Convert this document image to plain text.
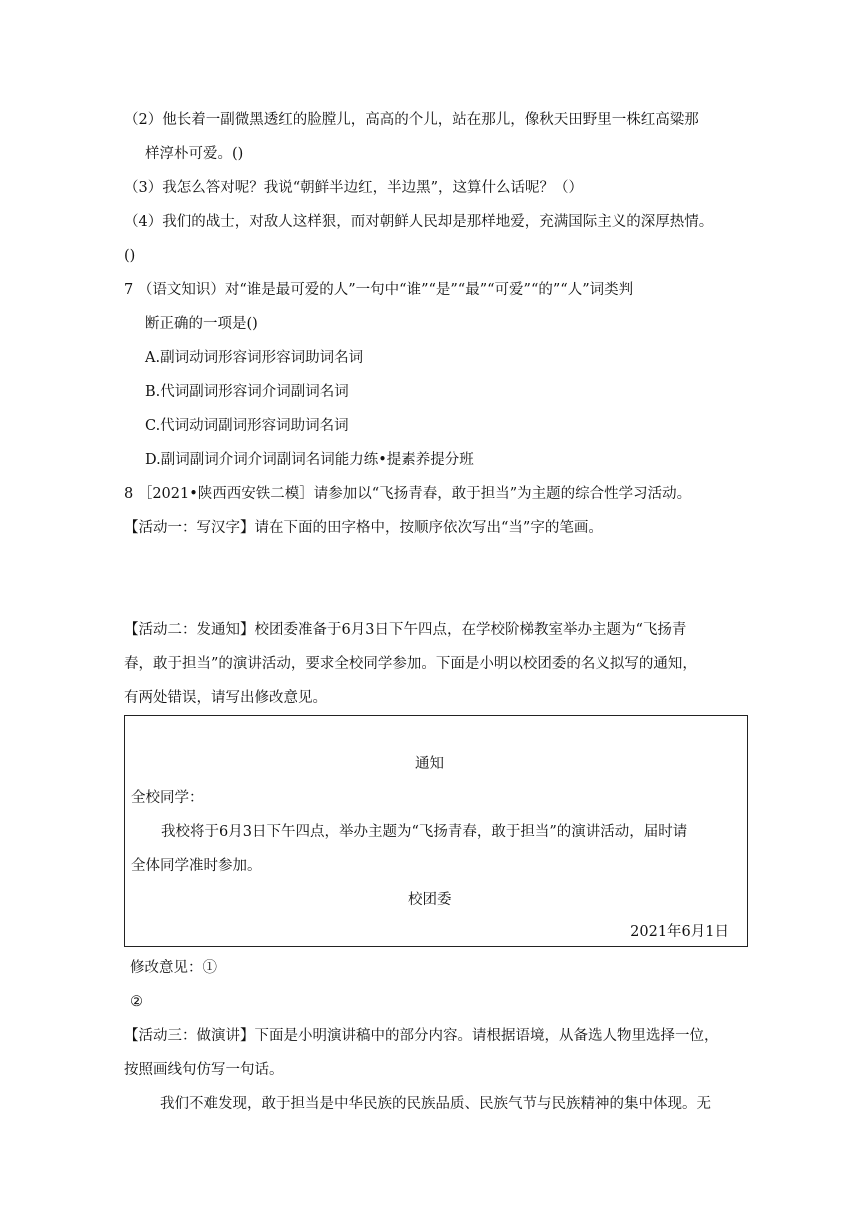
（2）他长着一副微黑透红的脸膛儿，高高的个儿，站在那儿，像秋天田野里一株红高粱那
样淳朴可爱。()
（3）我怎么答对呢？我说“朝鲜半边红，半边黑”，这算什么话呢？（）
（4）我们的战士，对敌人这样狠，而对朝鲜人民却是那样地爱，充满国际主义的深厚热情。
()
7 （语文知识）对“谁是最可爱的人”一句中“谁”“是”“最”“可爱”“的”“人”词类判
断正确的一项是()
A.副词动词形容词形容词助词名词
B.代词副词形容词介词副词名词
C.代词动词副词形容词助词名词
D.副词副词介词介词副词名词能力练•提素养提分班
8 ［2021•陕西西安铁二模］请参加以“飞扬青春，敢于担当”为主题的综合性学习活动。
【活动一：写汉字】请在下面的田字格中，按顺序依次写出“当”字的笔画。
【活动二：发通知】校团委准备于6月3日下午四点，在学校阶梯教室举办主题为“飞扬青
春，敢于担当”的演讲活动，要求全校同学参加。下面是小明以校团委的名义拟写的通知，
有两处错误，请写出修改意见。
通知
全校同学：
我校将于6月3日下午四点，举办主题为“飞扬青春，敢于担当”的演讲活动，届时请
全体同学准时参加。
校团委
2021年6月1日
修改意见：①
②
【活动三：做演讲】下面是小明演讲稿中的部分内容。请根据语境，从备选人物里选择一位，
按照画线句仿写一句话。
我们不难发现，敢于担当是中华民族的民族品质、民族气节与民族精神的集中体现。无
